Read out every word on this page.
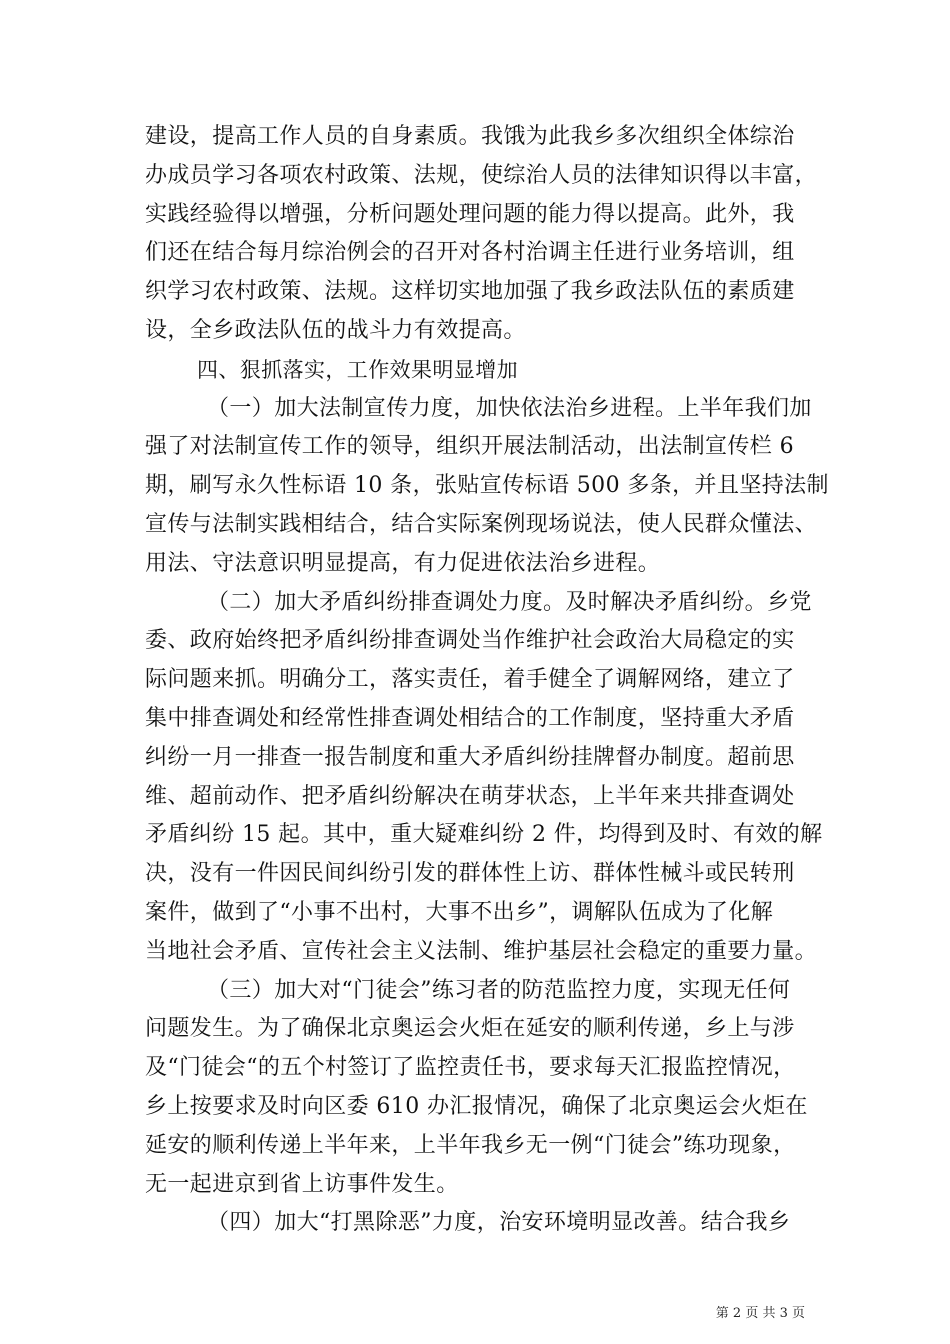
建设，提高工作人员的自身素质。我饿为此我乡多次组织全体综治
办成员学习各项农村政策、法规，使综治人员的法律知识得以丰富，
实践经验得以增强，分析问题处理问题的能力得以提高。此外，我
们还在结合每月综治例会的召开对各村治调主任进行业务培训，组
织学习农村政策、法规。这样切实地加强了我乡政法队伍的素质建
设，全乡政法队伍的战斗力有效提高。
四、狠抓落实，工作效果明显增加
（一）加大法制宣传力度，加快依法治乡进程。上半年我们加
强了对法制宣传工作的领导，组织开展法制活动，出法制宣传栏 6
期，刷写永久性标语 10 条，张贴宣传标语 500 多条，并且坚持法制
宣传与法制实践相结合，结合实际案例现场说法，使人民群众懂法、
用法、守法意识明显提高，有力促进依法治乡进程。
（二）加大矛盾纠纷排查调处力度。及时解决矛盾纠纷。乡党
委、政府始终把矛盾纠纷排查调处当作维护社会政治大局稳定的实
际问题来抓。明确分工，落实责任，着手健全了调解网络，建立了
集中排查调处和经常性排查调处相结合的工作制度，坚持重大矛盾
纠纷一月一排查一报告制度和重大矛盾纠纷挂牌督办制度。超前思
维、超前动作、把矛盾纠纷解决在萌芽状态，上半年来共排查调处
矛盾纠纷 15 起。其中，重大疑难纠纷 2 件，均得到及时、有效的解
决，没有一件因民间纠纷引发的群体性上访、群体性械斗或民转刑
案件，做到了“小事不出村，大事不出乡”，调解队伍成为了化解
当地社会矛盾、宣传社会主义法制、维护基层社会稳定的重要力量。
（三）加大对“门徒会”练习者的防范监控力度，实现无任何
问题发生。为了确保北京奥运会火炬在延安的顺利传递，乡上与涉
及“门徒会“的五个村签订了监控责任书，要求每天汇报监控情况，
乡上按要求及时向区委 610 办汇报情况，确保了北京奥运会火炬在
延安的顺利传递上半年来，上半年我乡无一例“门徒会”练功现象，
无一起进京到省上访事件发生。
（四）加大“打黑除恶”力度，治安环境明显改善。结合我乡
第 2 页 共 3 页
